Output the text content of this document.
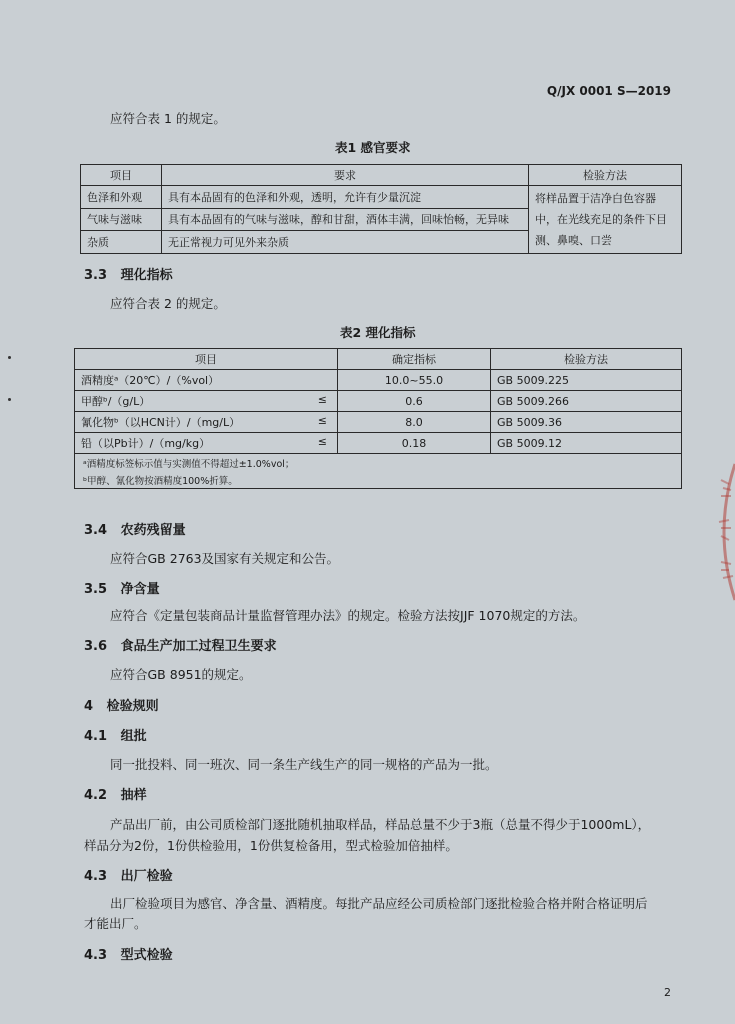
Q/JX 0001 S—2019
应符合表 1 的规定。
表1 感官要求
项目	要求	检验方法
色泽和外观	具有本品固有的色泽和外观，透明，允许有少量沉淀	将样品置于洁净白色容器中，在光线充足的条件下目测、鼻嗅、口尝
气味与滋味	具有本品固有的气味与滋味，醇和甘甜，酒体丰满，回味怡畅，无异味	
杂质	无正常视力可见外来杂质	
3.3 理化指标
应符合表 2 的规定。
表2 理化指标
项目	确定指标	检验方法
酒精度ᵃ（20℃）/（%vol）	10.0~55.0	GB 5009.225
甲醇ᵇ/（g/L） ≤	0.6	GB 5009.266
氰化物ᵇ（以HCN计）/（mg/L） ≤	8.0	GB 5009.36
铅（以Pb计）/（mg/kg） ≤	0.18	GB 5009.12
ᵃ酒精度标签标示值与实测值不得超过±1.0%vol；		
ᵇ甲醇、氰化物按酒精度100%折算。		
3.4 农药残留量
应符合GB 2763及国家有关规定和公告。
3.5 净含量
应符合《定量包装商品计量监督管理办法》的规定。检验方法按JJF 1070规定的方法。
3.6 食品生产加工过程卫生要求
应符合GB 8951的规定。
4 检验规则
4.1 组批
同一批投料、同一班次、同一条生产线生产的同一规格的产品为一批。
4.2 抽样
产品出厂前，由公司质检部门逐批随机抽取样品，样品总量不少于3瓶（总量不得少于1000mL），
样品分为2份，1份供检验用，1份供复检备用，型式检验加倍抽样。
4.3 出厂检验
出厂检验项目为感官、净含量、酒精度。每批产品应经公司质检部门逐批检验合格并附合格证明后
才能出厂。
4.3 型式检验
2
